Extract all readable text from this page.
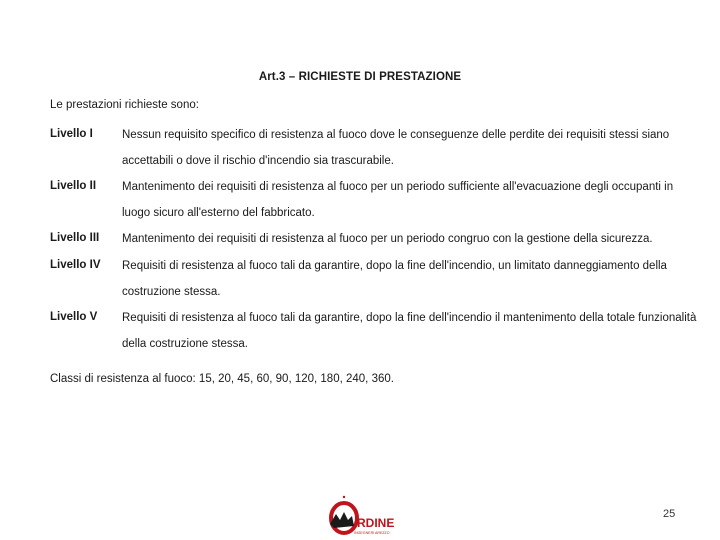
Art.3 – RICHIESTE DI PRESTAZIONE
Le prestazioni richieste sono:
Livello I	Nessun requisito specifico di resistenza al fuoco dove le conseguenze delle perdite dei requisiti stessi siano accettabili o dove il rischio d'incendio sia trascurabile.
Livello II Mantenimento dei requisiti di resistenza al fuoco per un periodo sufficiente all'evacuazione degli occupanti in luogo sicuro all'esterno del fabbricato.
Livello III Mantenimento dei requisiti di resistenza al fuoco per un periodo congruo con la gestione della sicurezza.
Livello IV Requisiti di resistenza al fuoco tali da garantire, dopo la fine dell'incendio, un limitato danneggiamento della costruzione stessa.
Livello V Requisiti di resistenza al fuoco tali da garantire, dopo la fine dell'incendio il mantenimento della totale funzionalità della costruzione stessa.
Classi di resistenza al fuoco: 15, 20, 45, 60, 90, 120, 180, 240, 360.
RDINE
INGEGNERI AREZZO
25
